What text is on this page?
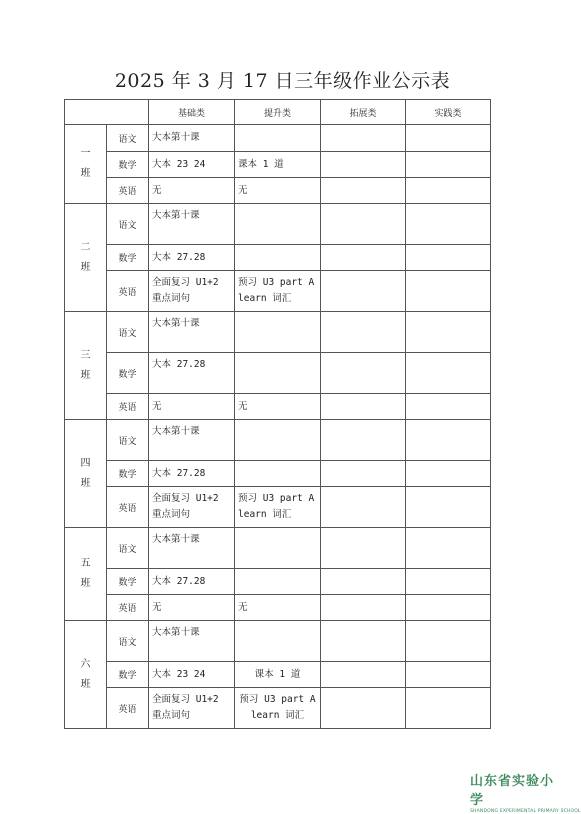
2025 年 3 月 17 日三年级作业公示表
		基础类	提升类	拓展类	实践类

一
班	语文	大本第十课			
	数学	大本 23 24	课本 1 道		
	英语	无	无		

二
班	语文	大本第十课			
	数学	大本 27.28			
	英语	全面复习 U1+2 重点词句	预习 U3 part A learn 词汇		

三
班	语文	大本第十课			
	数学	大本 27.28			
	英语	无	无		

四
班	语文	大本第十课			
	数学	大本 27.28			
	英语	全面复习 U1+2 重点词句	预习 U3 part A learn 词汇		

五
班	语文	大本第十课			
	数学	大本 27.28			
	英语	无	无		

六
班	语文	大本第十课			
	数学	大本 23 24	课本 1 道		
	英语	全面复习 U1+2 重点词句	预习 U3 part A learn 词汇		
山东省实验小学
SHANDONG EXPERIMENTAL PRIMARY SCHOOL
